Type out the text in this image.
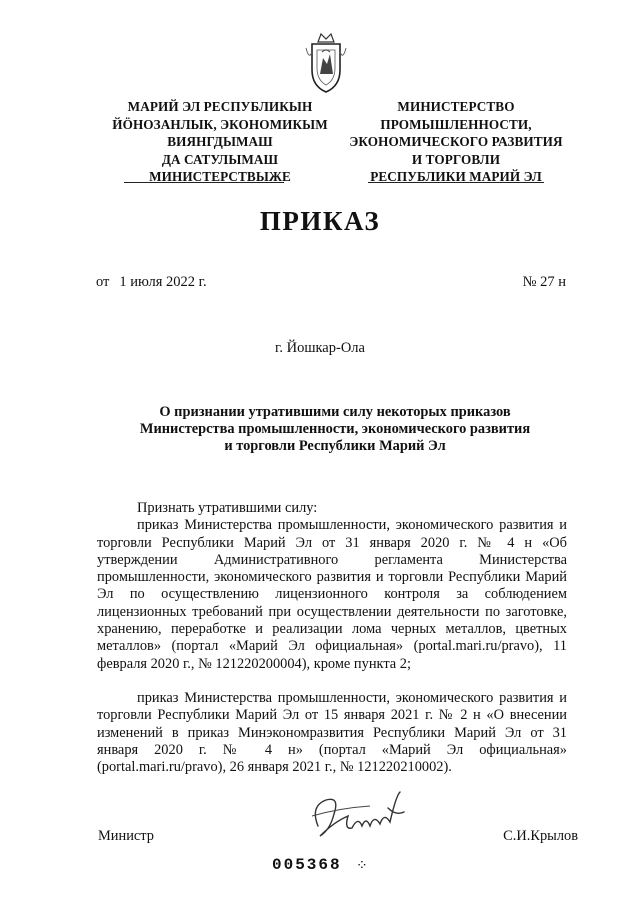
МАРИЙ ЭЛ РЕСПУБЛИКЫН
ЙӦНОЗАНЛЫК, ЭКОНОМИКЫМ
ВИЯНГДЫМАШ
ДА САТУЛЫМАШ
МИНИСТЕРСТВЫЖЕ
МИНИСТЕРСТВО
ПРОМЫШЛЕННОСТИ,
ЭКОНОМИЧЕСКОГО РАЗВИТИЯ
И ТОРГОВЛИ
РЕСПУБЛИКИ МАРИЙ ЭЛ
ПРИКАЗ
от 1 июля 2022 г.	№ 27 н
г. Йошкар-Ола
О признании утратившими силу некоторых приказов
Министерства промышленности, экономического развития
и торговли Республики Марий Эл

Признать утратившими силу:

приказ Министерства промышленности, экономического развития и торговли Республики Марий Эл от 31 января 2020 г. № 4 н «Об утверждении Административного регламента Министерства промышленности, экономического развития и торговли Республики Марий Эл по осуществлению лицензионного контроля за соблюдением лицензионных требований при осуществлении деятельности по заготовке, хранению, переработке и реализации лома черных металлов, цветных металлов» (портал «Марий Эл официальная» (portal.mari.ru/pravo), 11 февраля 2020 г., № 121220200004), кроме пункта 2;

приказ Министерства промышленности, экономического развития и торговли Республики Марий Эл от 15 января 2021 г. № 2 н «О внесении изменений в приказ Минэкономразвития Республики Марий Эл от 31 января 2020 г. № 4 н» (портал «Марий Эл официальная» (portal.mari.ru/pravo), 26 января 2021 г., № 121220210002).

Министр	С.И.Крылов
005368 ⁘
